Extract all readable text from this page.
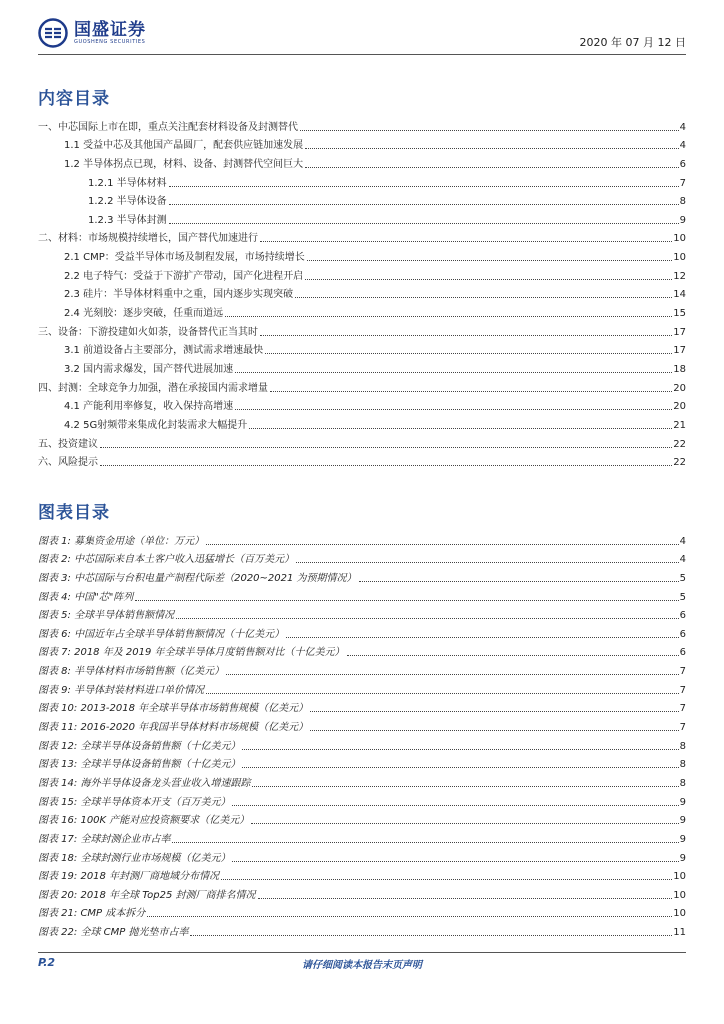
国盛证券
GUOSHENG SECURITIES	2020 年 07 月 12 日
内容目录
一、中芯国际上市在即，重点关注配套材料设备及封测替代	4
1.1 受益中芯及其他国产晶圆厂，配套供应链加速发展	4
1.2 半导体拐点已现，材料、设备、封测替代空间巨大	6
1.2.1 半导体材料	7
1.2.2 半导体设备	8
1.2.3 半导体封测	9
二、材料：市场规模持续增长，国产替代加速进行	10
2.1 CMP：受益半导体市场及制程发展，市场持续增长	10
2.2 电子特气：受益于下游扩产带动，国产化进程开启	12
2.3 硅片：半导体材料重中之重，国内逐步实现突破	14
2.4 光刻胶：逐步突破，任重而道远	15
三、设备：下游投建如火如荼，设备替代正当其时	17
3.1 前道设备占主要部分，测试需求增速最快	17
3.2 国内需求爆发，国产替代进展加速	18
四、封测：全球竞争力加强，潜在承接国内需求增量	20
4.1 产能利用率修复，收入保持高增速	20
4.2 5G射频带来集成化封装需求大幅提升	21
五、投资建议	22
六、风险提示	22
图表目录
图表 1: 募集资金用途（单位：万元）	4
图表 2: 中芯国际来自本土客户收入迅猛增长（百万美元）	4
图表 3: 中芯国际与台积电量产制程代际差（2020~2021 为预期情况）	5
图表 4: 中国"芯"阵列	5
图表 5: 全球半导体销售额情况	6
图表 6: 中国近年占全球半导体销售额情况（十亿美元）	6
图表 7: 2018 年及 2019 年全球半导体月度销售额对比（十亿美元）	6
图表 8: 半导体材料市场销售额（亿美元）	7
图表 9: 半导体封装材料进口单价情况	7
图表 10: 2013-2018 年全球半导体市场销售规模（亿美元）	7
图表 11: 2016-2020 年我国半导体材料市场规模（亿美元）	7
图表 12: 全球半导体设备销售额（十亿美元）	8
图表 13: 全球半导体设备销售额（十亿美元）	8
图表 14: 海外半导体设备龙头营业收入增速跟踪	8
图表 15: 全球半导体资本开支（百万美元）	9
图表 16: 100K 产能对应投资额要求（亿美元）	9
图表 17: 全球封测企业市占率	9
图表 18: 全球封测行业市场规模（亿美元）	9
图表 19: 2018 年封测厂商地域分布情况	10
图表 20: 2018 年全球 Top25 封测厂商排名情况	10
图表 21: CMP 成本拆分	10
图表 22: 全球 CMP 抛光垫市占率	11
P.2	请仔细阅读本报告末页声明
